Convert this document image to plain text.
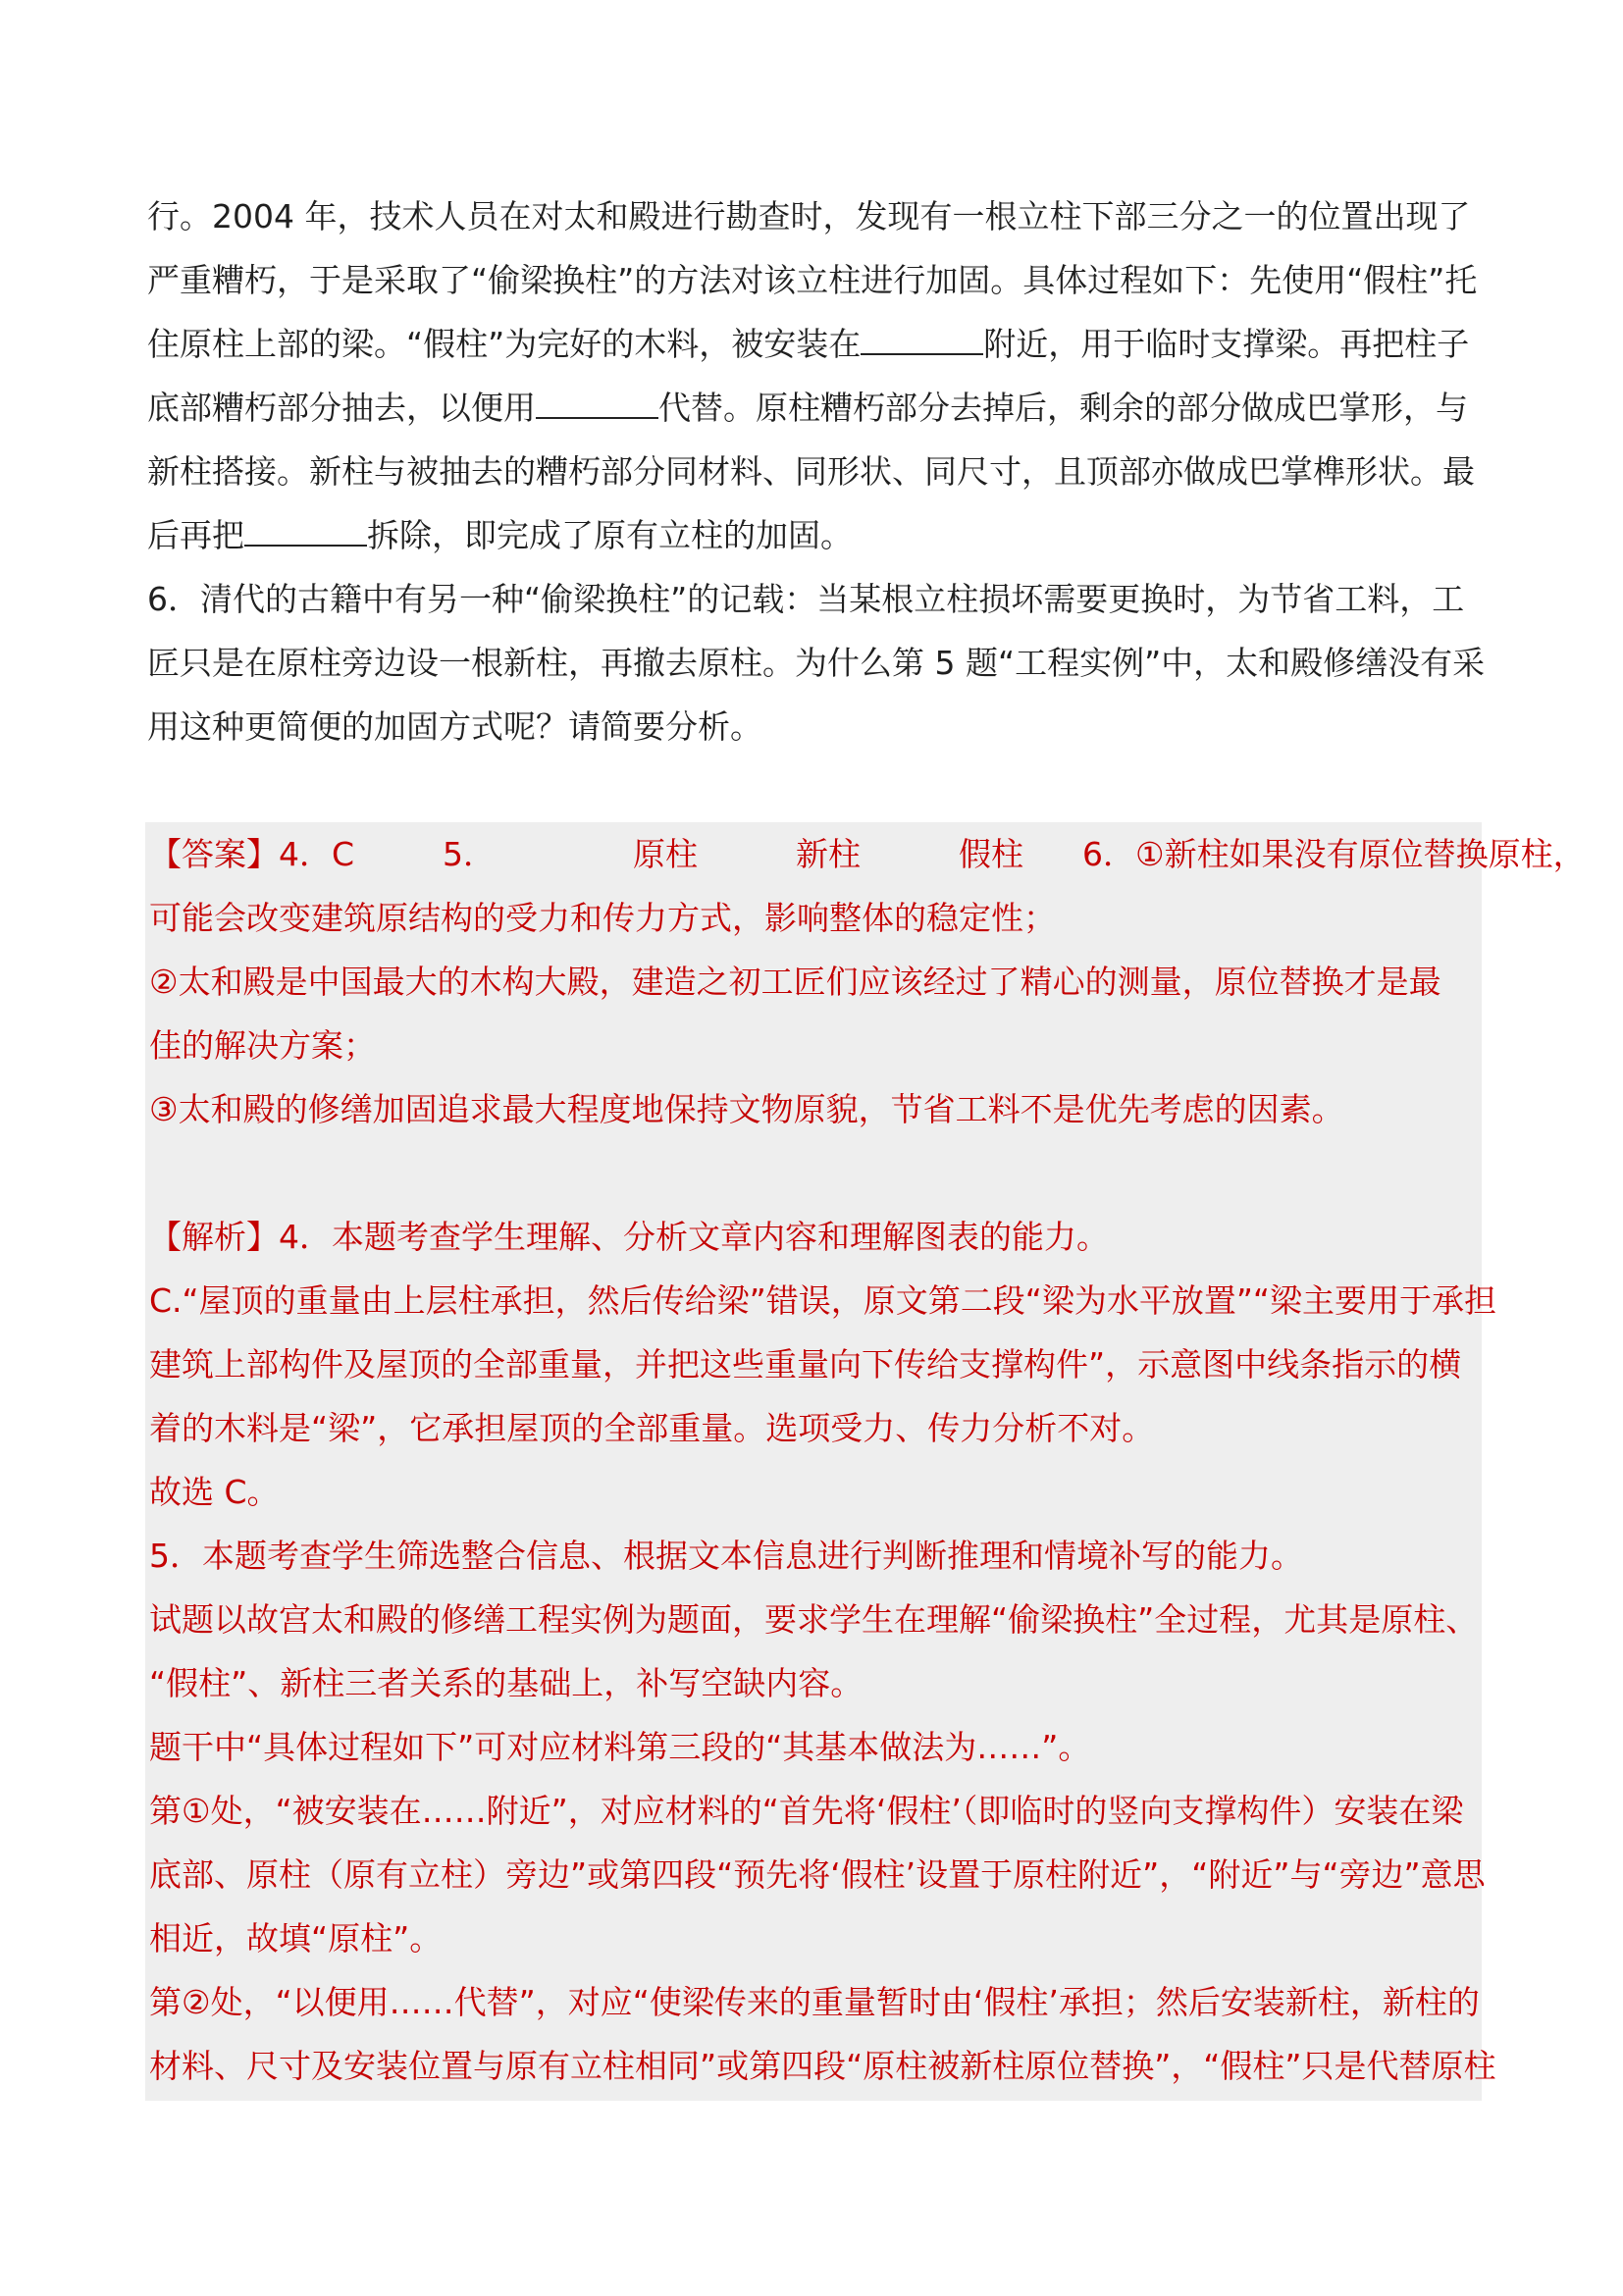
行。2004 年，技术人员在对太和殿进行勘查时，发现有一根立柱下部三分之一的位置出现了

严重糟朽，于是采取了“偷梁换柱”的方法对该立柱进行加固。具体过程如下：先使用“假柱”托

住原柱上部的梁。“假柱”为完好的木料，被安装在	附近，用于临时支撑梁。再把柱子

底部糟朽部分抽去，以便用	代替。原柱糟朽部分去掉后，剩余的部分做成巴掌形，与

新柱搭接。新柱与被抽去的糟朽部分同材料、同形状、同尺寸，且顶部亦做成巴掌榫形状。最

后再把	拆除，即完成了原有立柱的加固。

6．清代的古籍中有另一种“偷梁换柱”的记载：当某根立柱损坏需要更换时，为节省工料，工

匠只是在原柱旁边设一根新柱，再撤去原柱。为什么第 5 题“工程实例”中，太和殿修缮没有采

用这种更简便的加固方式呢？请简要分析。

【答案】4．C	5．	原柱	新柱	假柱 6．①新柱如果没有原位替换原柱，

可能会改变建筑原结构的受力和传力方式，影响整体的稳定性；

②太和殿是中国最大的木构大殿，建造之初工匠们应该经过了精心的测量，原位替换才是最

佳的解决方案；

③太和殿的修缮加固追求最大程度地保持文物原貌，节省工料不是优先考虑的因素。

【解析】4．本题考查学生理解、分析文章内容和理解图表的能力。

C.“屋顶的重量由上层柱承担，然后传给梁”错误，原文第二段“梁为水平放置”“梁主要用于承担

建筑上部构件及屋顶的全部重量，并把这些重量向下传给支撑构件”，示意图中线条指示的横

着的木料是“梁”，它承担屋顶的全部重量。选项受力、传力分析不对。

故选 C。

5．本题考查学生筛选整合信息、根据文本信息进行判断推理和情境补写的能力。

试题以故宫太和殿的修缮工程实例为题面，要求学生在理解“偷梁换柱”全过程，尤其是原柱、

“假柱”、新柱三者关系的基础上，补写空缺内容。

题干中“具体过程如下”可对应材料第三段的“其基本做法为……”。

第①处，“被安装在……附近”，对应材料的“首先将‘假柱’（即临时的竖向支撑构件）安装在梁

底部、原柱（原有立柱）旁边”或第四段“预先将‘假柱’设置于原柱附近”，“附近”与“旁边”意思

相近，故填“原柱”。

第②处，“以便用……代替”，对应“使梁传来的重量暂时由‘假柱’承担；然后安装新柱，新柱的

材料、尺寸及安装位置与原有立柱相同”或第四段“原柱被新柱原位替换”，“假柱”只是代替原柱
